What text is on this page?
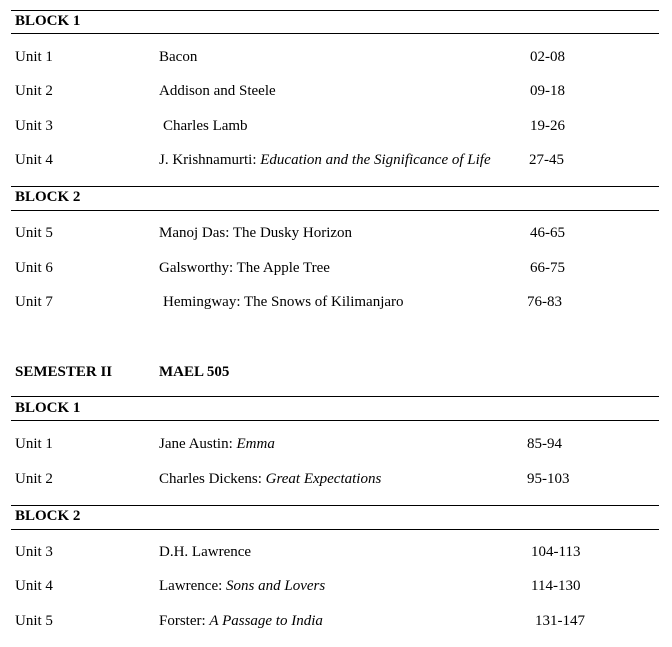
BLOCK 1
Unit 1	Bacon	02-08
Unit 2	Addison and Steele	09-18
Unit 3	Charles Lamb	19-26
Unit 4	J. Krishnamurti: Education and the Significance of Life	27-45
BLOCK 2
Unit 5	Manoj Das: The Dusky Horizon	46-65
Unit 6	Galsworthy: The Apple Tree	66-75
Unit 7	Hemingway: The Snows of Kilimanjaro	76-83
SEMESTER II	MAEL 505
BLOCK 1
Unit 1	Jane Austin: Emma	85-94
Unit 2	Charles Dickens: Great Expectations	95-103
BLOCK 2
Unit 3	D.H. Lawrence	104-113
Unit 4	Lawrence: Sons and Lovers	114-130
Unit 5	Forster: A Passage to India	131-147
